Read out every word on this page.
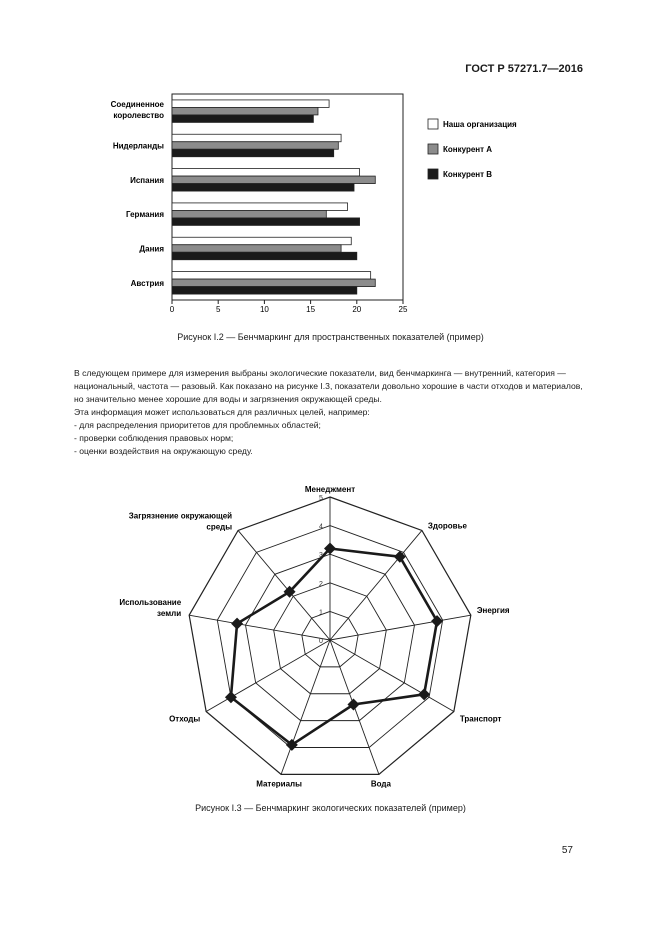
ГОСТ Р 57271.7—2016
0	5	10	15	20	25
Соединенное королевство
Нидерланды
Испания
Германия
Дания
Австрия
Наша организация
Конкурент А
Конкурент B
Рисунок I.2 — Бенчмаркинг для пространственных показателей (пример)

В следующем примере для измерения выбраны экологические показатели, вид бенчмаркинга — внутренний, категория — национальный, частота — разовый. Как показано на рисунке I.3, показатели довольно хорошие в части отходов и материалов, но значительно менее хорошие для воды и загрязнения окружающей среды.

Эта информация может использоваться для различных целей, например:

- для распределения приоритетов для проблемных областей;

- проверки соблюдения правовых норм;

- оценки воздействия на окружающую среду.

Менеджмент
Здоровье
Энергия
Транспорт
Вода
Материалы
Отходы
Использование земли
Загрязнение окружающей среды
0
1
2
3
4
5
Рисунок I.3 — Бенчмаркинг экологических показателей (пример)
57
